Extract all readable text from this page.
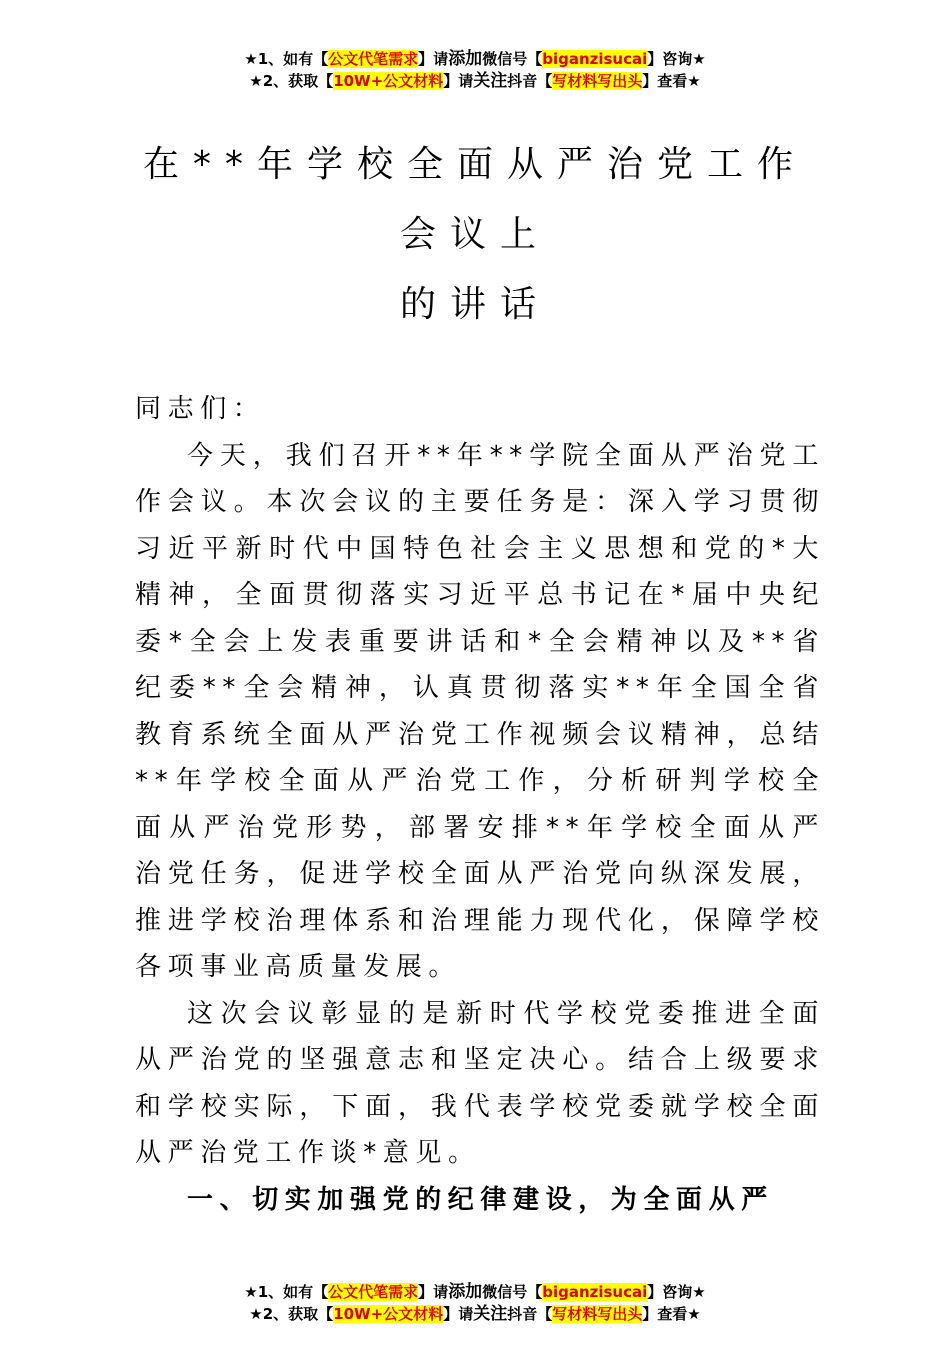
★1、如有【公文代笔需求】请添加微信号【biganzisucai】咨询★
★2、获取【10W+公文材料】请关注抖音【写材料写出头】查看★
在**年学校全面从严治党工作
会议上
的讲话

同志们：

今天，我们召开**年**学院全面从严治党工作会议。本次会议的主要任务是：深入学习贯彻习近平新时代中国特色社会主义思想和党的*大精神，全面贯彻落实习近平总书记在*届中央纪委*全会上发表重要讲话和*全会精神以及**省纪委**全会精神，认真贯彻落实**年全国全省教育系统全面从严治党工作视频会议精神，总结**年学校全面从严治党工作，分析研判学校全面从严治党形势，部署安排**年学校全面从严治党任务，促进学校全面从严治党向纵深发展，推进学校治理体系和治理能力现代化，保障学校各项事业高质量发展。

这次会议彰显的是新时代学校党委推进全面从严治党的坚强意志和坚定决心。结合上级要求和学校实际，下面，我代表学校党委就学校全面从严治党工作谈*意见。

一、切实加强党的纪律建设，为全面从严

★1、如有【公文代笔需求】请添加微信号【biganzisucai】咨询★
★2、获取【10W+公文材料】请关注抖音【写材料写出头】查看★
